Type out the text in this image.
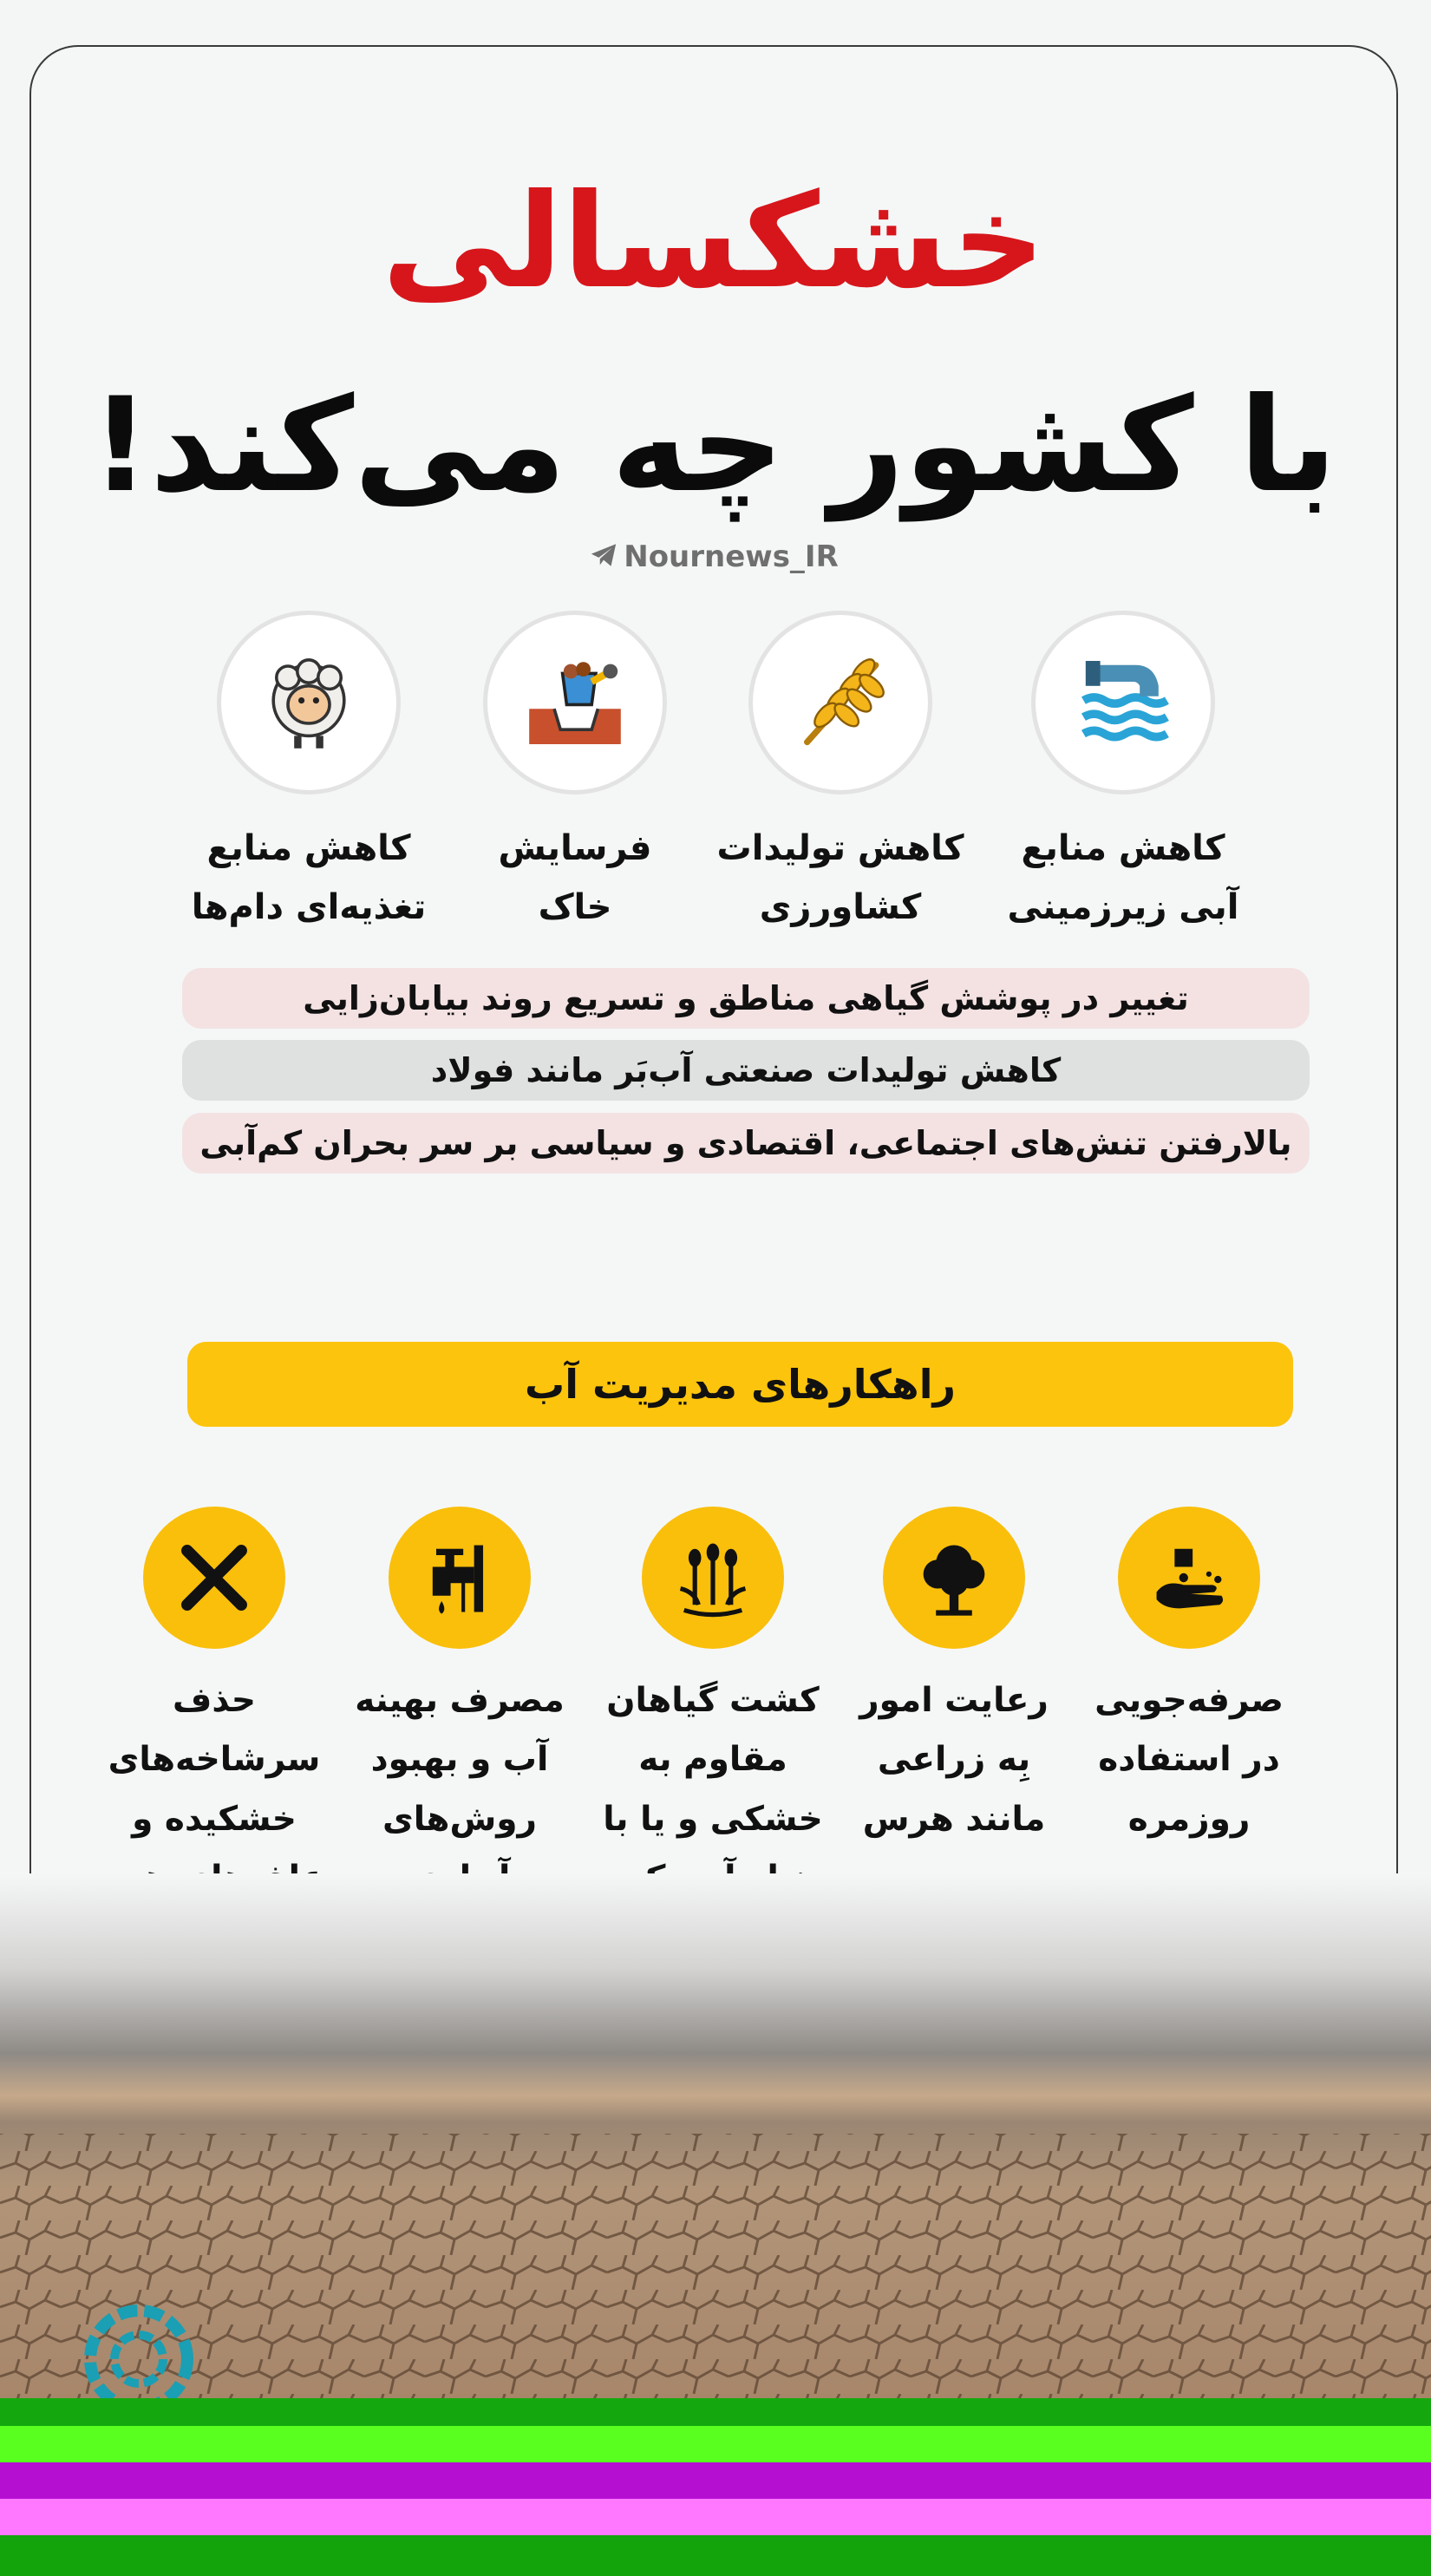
خشکسالی
با کشور چه می‌کند!
Nournews_IR
کاهش منابع
آبی زیرزمینی
کاهش تولیدات
کشاورزی
فرسایش
خاک
کاهش منابع
تغذیه‌ای دام‌ها
تغییر در پوشش گیاهی مناطق و تسریع روند بیابان‌زایی
کاهش تولیدات صنعتی آب‌بَر مانند فولاد
بالارفتن تنش‌های اجتماعی، اقتصادی و سیاسی بر سر بحران کم‌آبی
راهکارهای مدیریت آب
صرفه‌جویی
در استفاده
روزمره
رعایت امور
بِه زراعی
مانند هرس
کشت گیاهان
مقاوم به
خشکی و یا با

مصرف بهینه
آب و بهبود
روش‌های

حذف
سرشاخه‌های
خشکیده و
